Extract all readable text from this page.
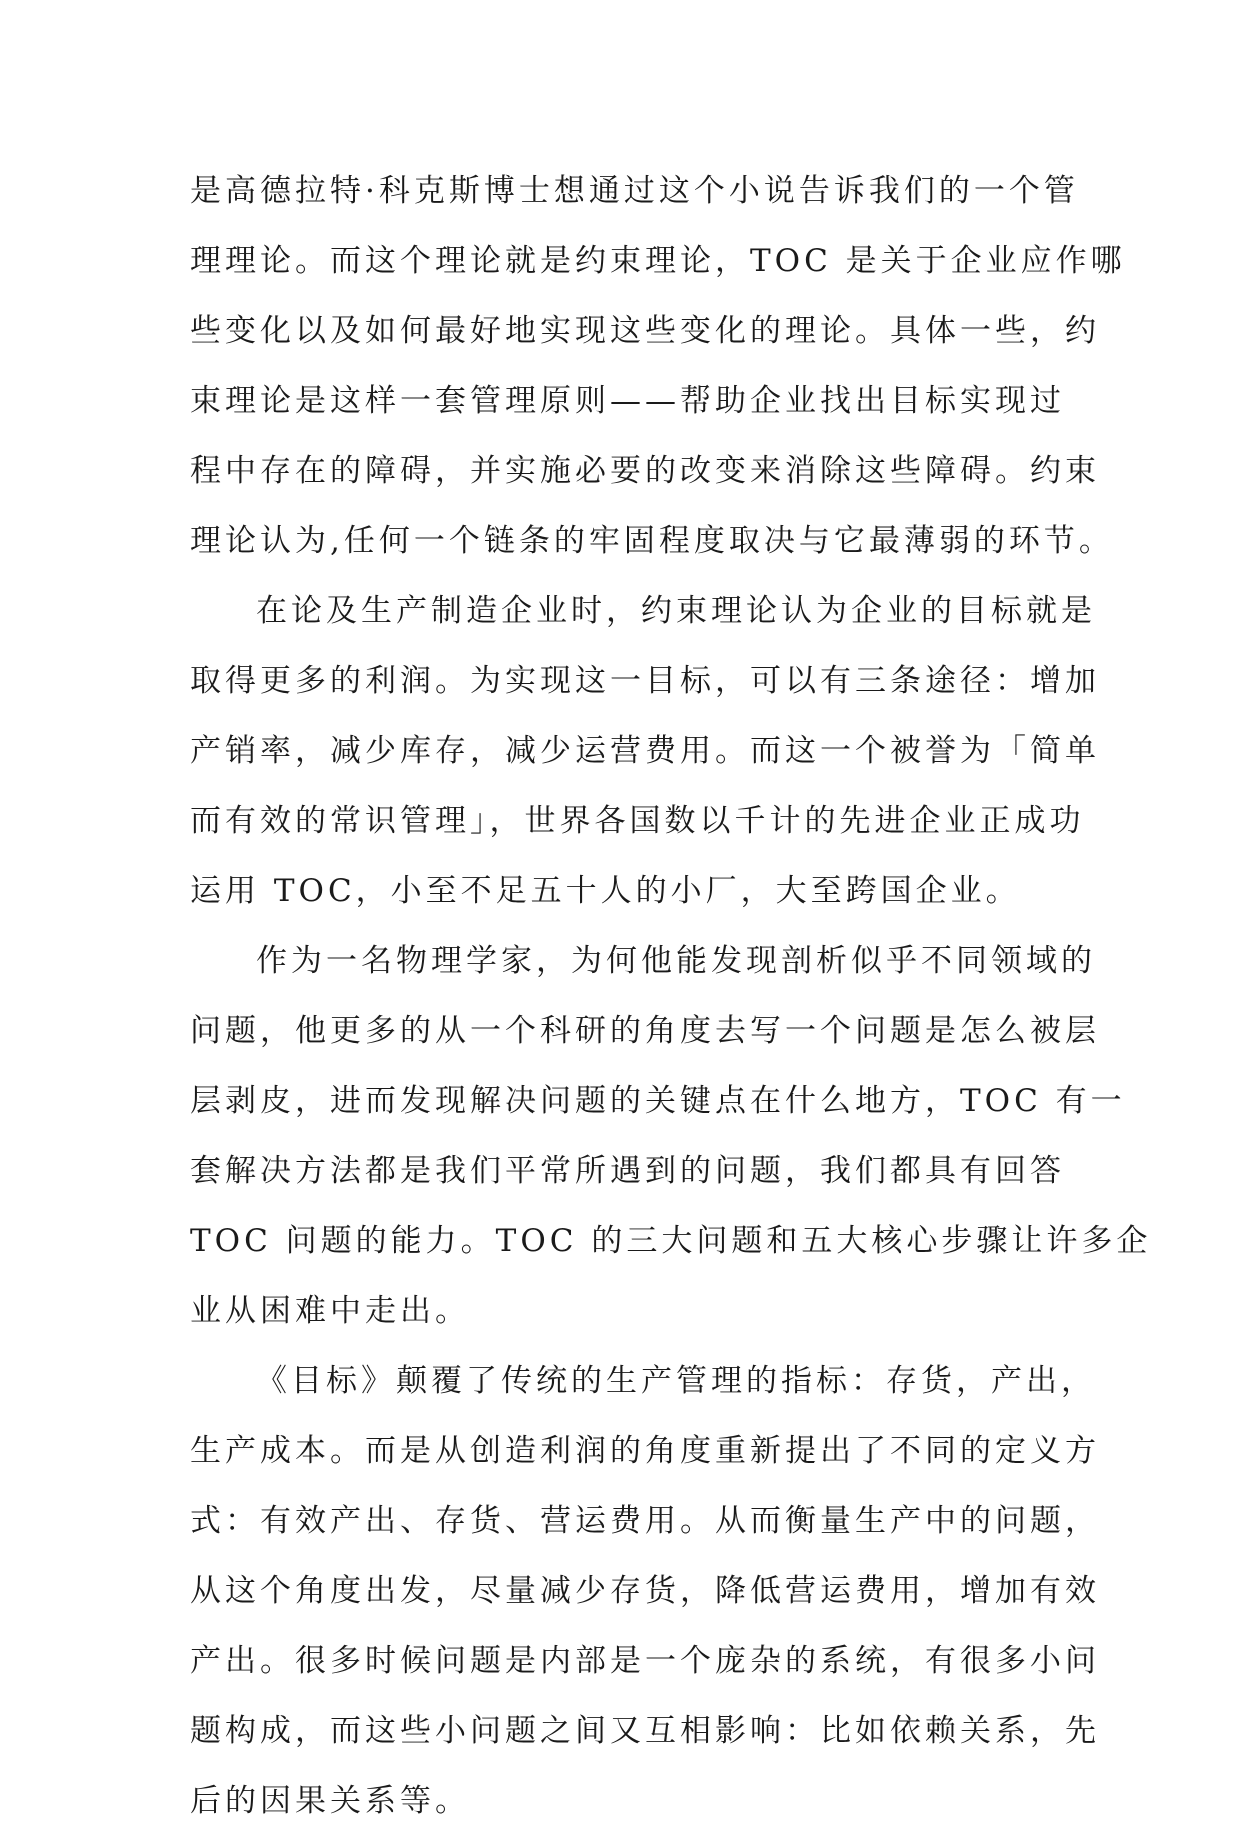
是高德拉特·科克斯博士想通过这个小说告诉我们的一个管
理理论。而这个理论就是约束理论，TOC 是关于企业应作哪
些变化以及如何最好地实现这些变化的理论。具体一些，约
束理论是这样一套管理原则——帮助企业找出目标实现过
程中存在的障碍，并实施必要的改变来消除这些障碍。约束
理论认为,任何一个链条的牢固程度取决与它最薄弱的环节。
在论及生产制造企业时，约束理论认为企业的目标就是
取得更多的利润。为实现这一目标，可以有三条途径：增加
产销率，减少库存，减少运营费用。而这一个被誉为「简单
而有效的常识管理」，世界各国数以千计的先进企业正成功
运用 TOC，小至不足五十人的小厂，大至跨国企业。
作为一名物理学家，为何他能发现剖析似乎不同领域的
问题，他更多的从一个科研的角度去写一个问题是怎么被层
层剥皮，进而发现解决问题的关键点在什么地方，TOC 有一
套解决方法都是我们平常所遇到的问题，我们都具有回答
TOC 问题的能力。TOC 的三大问题和五大核心步骤让许多企
业从困难中走出。
《目标》颠覆了传统的生产管理的指标：存货，产出，
生产成本。而是从创造利润的角度重新提出了不同的定义方
式：有效产出、存货、营运费用。从而衡量生产中的问题，
从这个角度出发，尽量减少存货，降低营运费用，增加有效
产出。很多时候问题是内部是一个庞杂的系统，有很多小问
题构成，而这些小问题之间又互相影响：比如依赖关系，先
后的因果关系等。
